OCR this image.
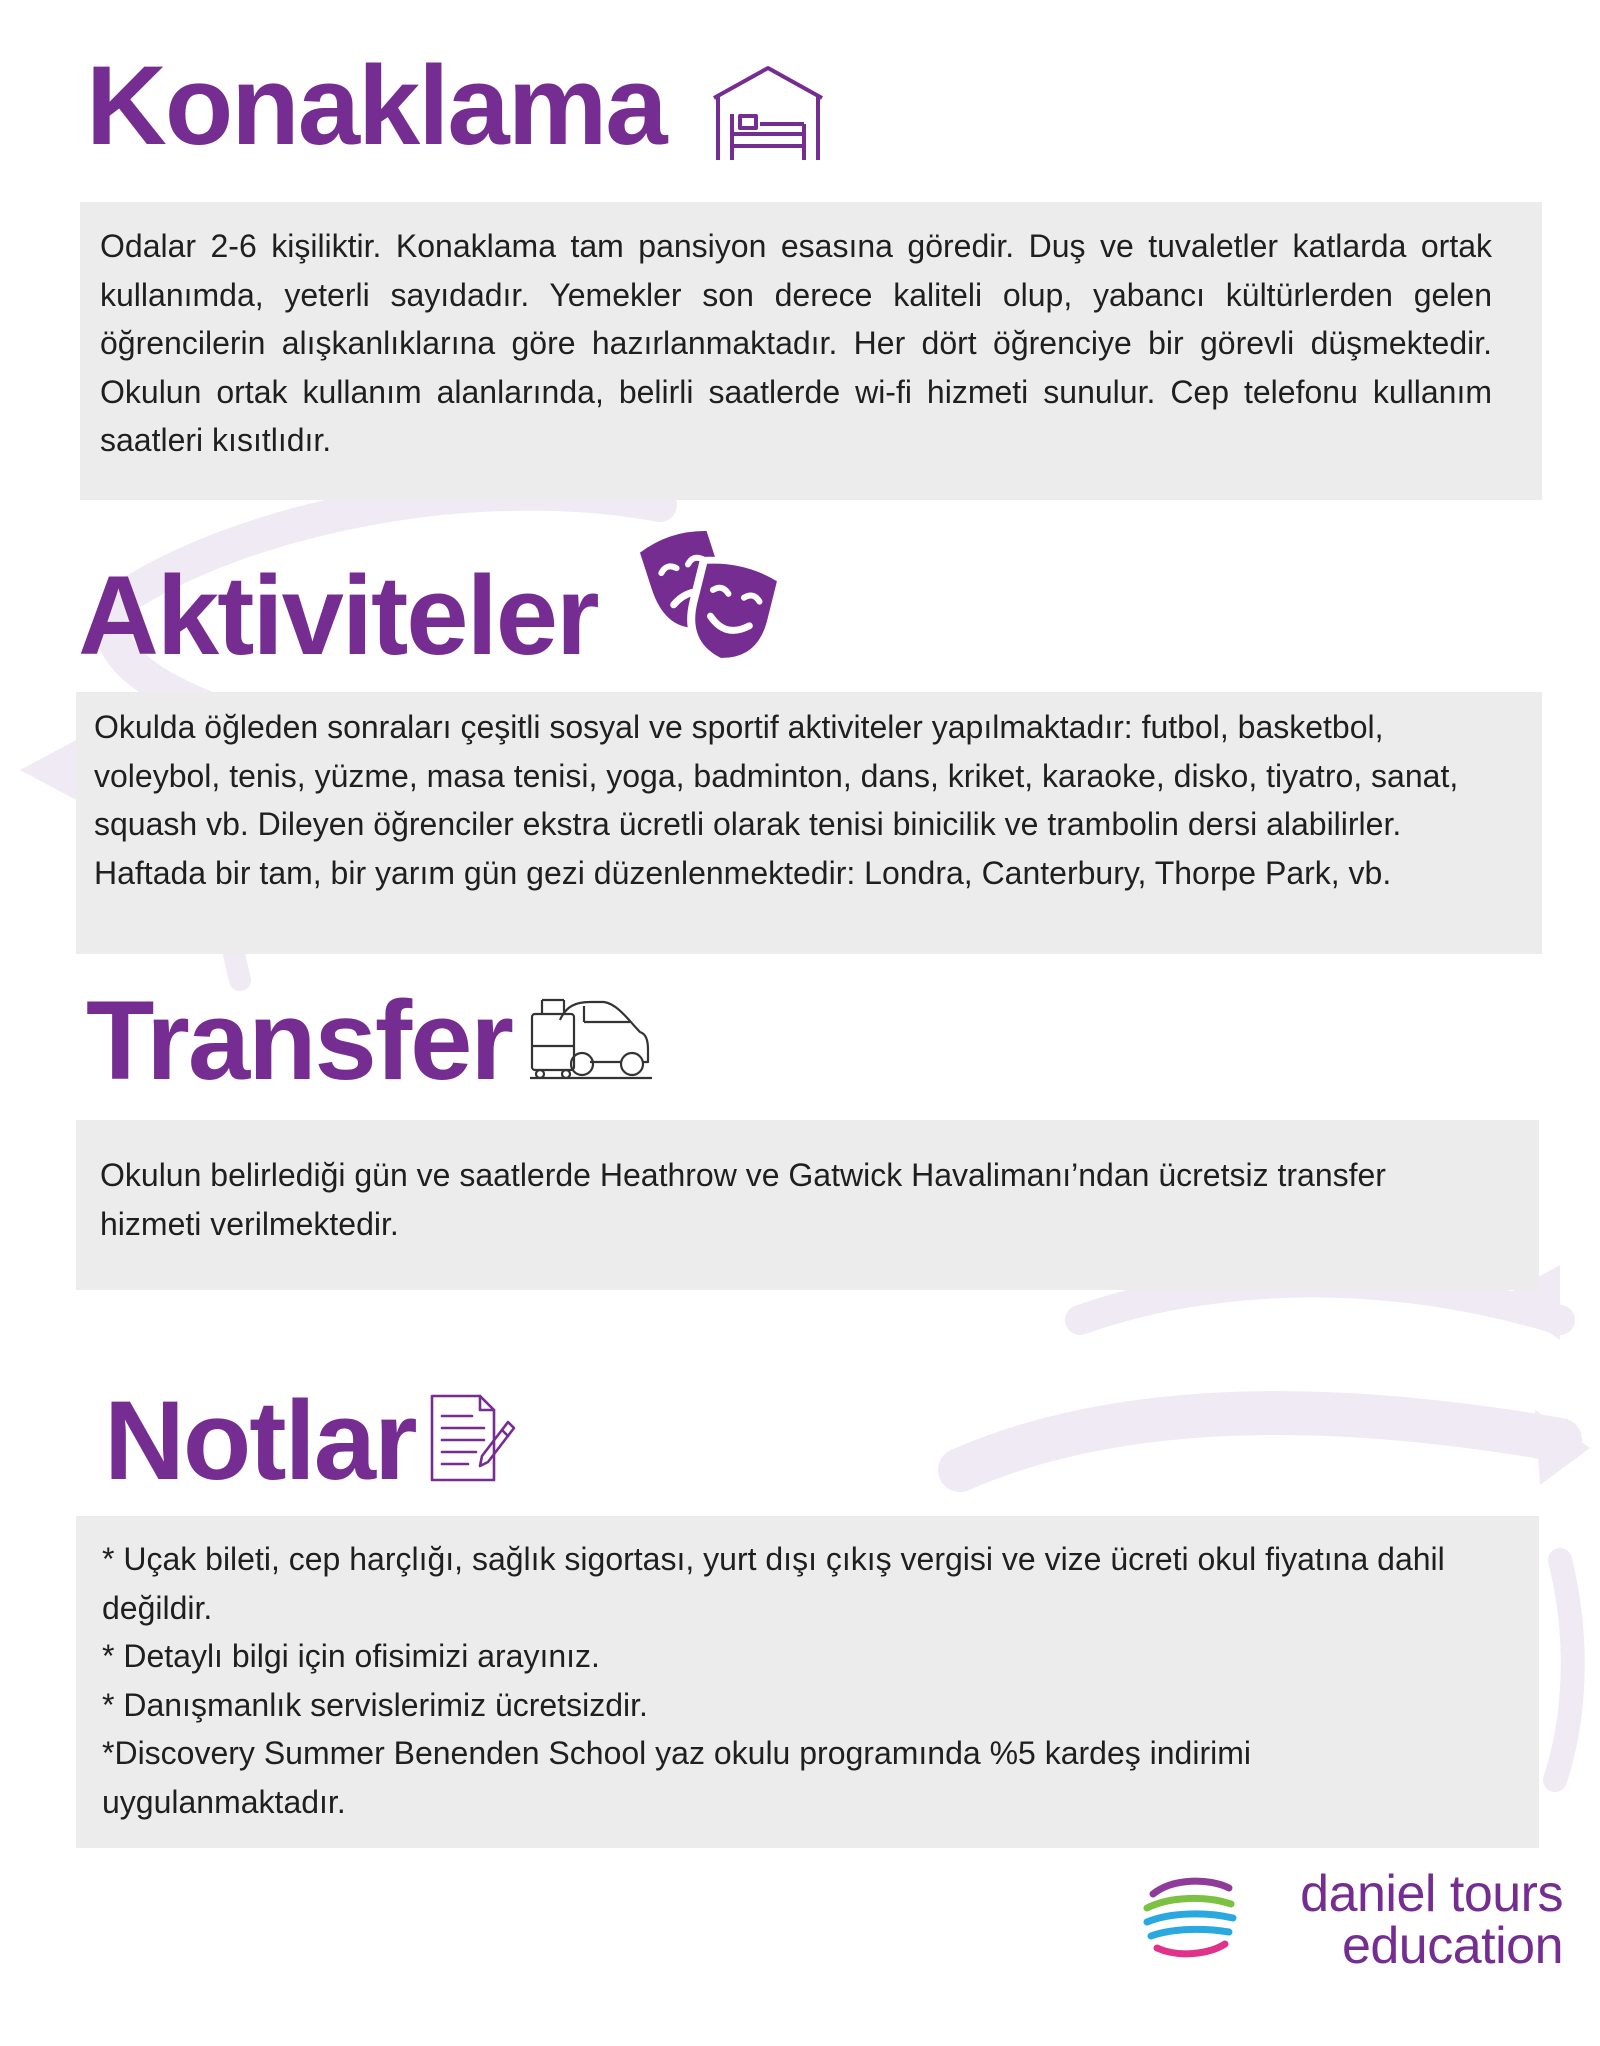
Konaklama
Odalar 2-6 kişiliktir. Konaklama tam pansiyon esasına göredir. Duş ve tuvaletler katlarda ortak kullanımda, yeterli sayıdadır. Yemekler son derece kaliteli olup, yabancı kültürlerden gelen öğrencilerin alışkanlıklarına göre hazırlanmaktadır. Her dört öğrenciye bir görevli düşmektedir. Okulun ortak kullanım alanlarında, belirli saatlerde wi-fi hizmeti sunulur. Cep telefonu kullanım saatleri kısıtlıdır.
Aktiviteler

Okulda öğleden sonraları çeşitli sosyal ve sportif aktiviteler yapılmaktadır: futbol, basketbol, voleybol, tenis, yüzme, masa tenisi, yoga, badminton, dans, kriket, karaoke, disko, tiyatro, sanat, squash vb. Dileyen öğrenciler ekstra ücretli olarak tenisi binicilik ve trambolin dersi alabilirler.

Haftada bir tam, bir yarım gün gezi düzenlenmektedir: Londra, Canterbury, Thorpe Park, vb.

Transfer
Okulun belirlediği gün ve saatlerde Heathrow ve Gatwick Havalimanı’ndan ücretsiz transfer hizmeti verilmektedir.
Notlar

* Uçak bileti, cep harçlığı, sağlık sigortası, yurt dışı çıkış vergisi ve vize ücreti okul fiyatına dahil değildir.

* Detaylı bilgi için ofisimizi arayınız.

* Danışmanlık servislerimiz ücretsizdir.

*Discovery Summer Benenden School yaz okulu programında %5 kardeş indirimi uygulanmaktadır.

daniel tours
education
